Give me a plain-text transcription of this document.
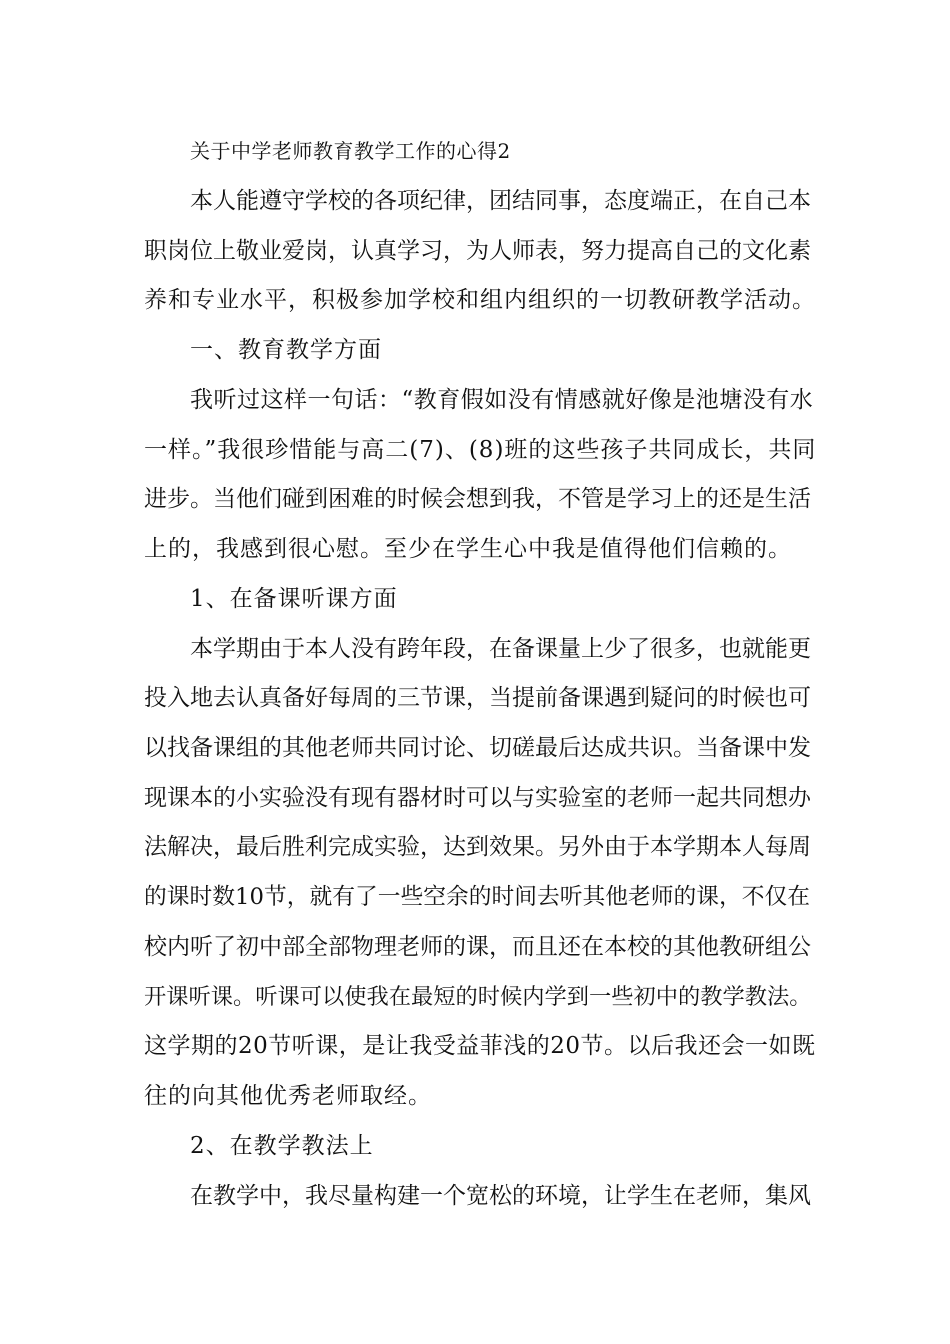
关于中学老师教育教学工作的心得2
本人能遵守学校的各项纪律，团结同事，态度端正，在自己本
职岗位上敬业爱岗，认真学习，为人师表，努力提高自己的文化素
养和专业水平，积极参加学校和组内组织的一切教研教学活动。
一、教育教学方面
我听过这样一句话：“教育假如没有情感就好像是池塘没有水
一样。”我很珍惜能与高二(7)、(8)班的这些孩子共同成长，共同
进步。当他们碰到困难的时候会想到我，不管是学习上的还是生活
上的，我感到很心慰。至少在学生心中我是值得他们信赖的。
1、在备课听课方面
本学期由于本人没有跨年段，在备课量上少了很多，也就能更
投入地去认真备好每周的三节课，当提前备课遇到疑问的时候也可
以找备课组的其他老师共同讨论、切磋最后达成共识。当备课中发
现课本的小实验没有现有器材时可以与实验室的老师一起共同想办
法解决，最后胜利完成实验，达到效果。另外由于本学期本人每周
的课时数10节，就有了一些空余的时间去听其他老师的课，不仅在
校内听了初中部全部物理老师的课，而且还在本校的其他教研组公
开课听课。听课可以使我在最短的时候内学到一些初中的教学教法。
这学期的20节听课，是让我受益菲浅的20节。以后我还会一如既
往的向其他优秀老师取经。
2、在教学教法上
在教学中，我尽量构建一个宽松的环境，让学生在老师，集风
